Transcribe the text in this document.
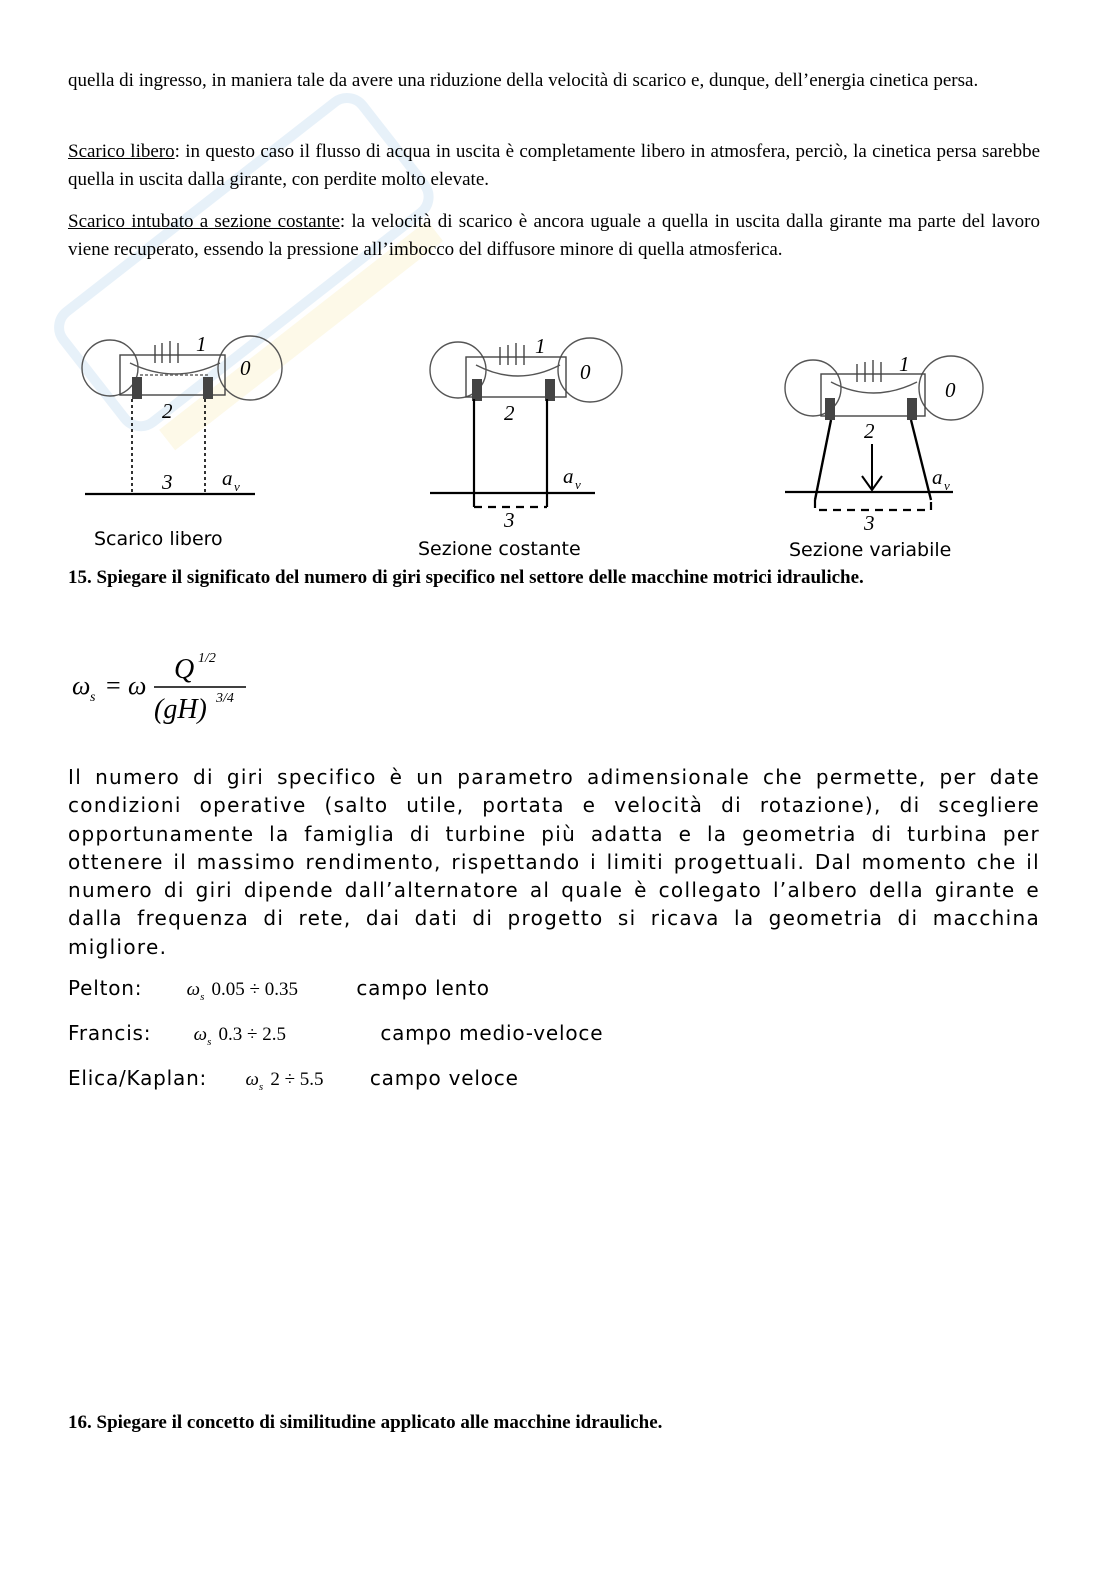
quella di ingresso, in maniera tale da avere una riduzione della velocità di scarico e, dunque, dell’energia cinetica persa.
Scarico libero: in questo caso il flusso di acqua in uscita è completamente libero in atmosfera, perciò, la cinetica persa sarebbe quella in uscita dalla girante, con perdite molto elevate.
Scarico intubato a sezione costante: la velocità di scarico è ancora uguale a quella in uscita dalla girante ma parte del lavoro viene recuperato, essendo la pressione all’imbocco del diffusore minore di quella atmosferica.
1
0
2
3 a v
1
0
2
3
a v
1
0
2
3
a v
Scarico libero	Sezione costante	Sezione variabile
15. Spiegare il significato del numero di giri specifico nel settore delle macchine motrici idrauliche.
ω s = ω
Q 1/2
(gH) 3/4
Il numero di giri specifico è un parametro adimensionale che permette, per date condizioni operative (salto utile, portata e velocità di rotazione), di scegliere opportunamente la famiglia di turbine più adatta e la geometria di turbina per ottenere il massimo rendimento, rispettando i limiti progettuali. Dal momento che il numero di giri dipende dall’alternatore al quale è collegato l’albero della girante e dalla frequenza di rete, dai dati di progetto si ricava la geometria di macchina migliore.
Pelton: $\omega_s$ 0.05 ÷ 0.35	campo lento
Francis: $\omega_s$ 0.3 ÷ 2.5	campo medio-veloce
Elica/Kaplan: $\omega_s$ 2 ÷ 5.5 campo veloce
16. Spiegare il concetto di similitudine applicato alle macchine idrauliche.
